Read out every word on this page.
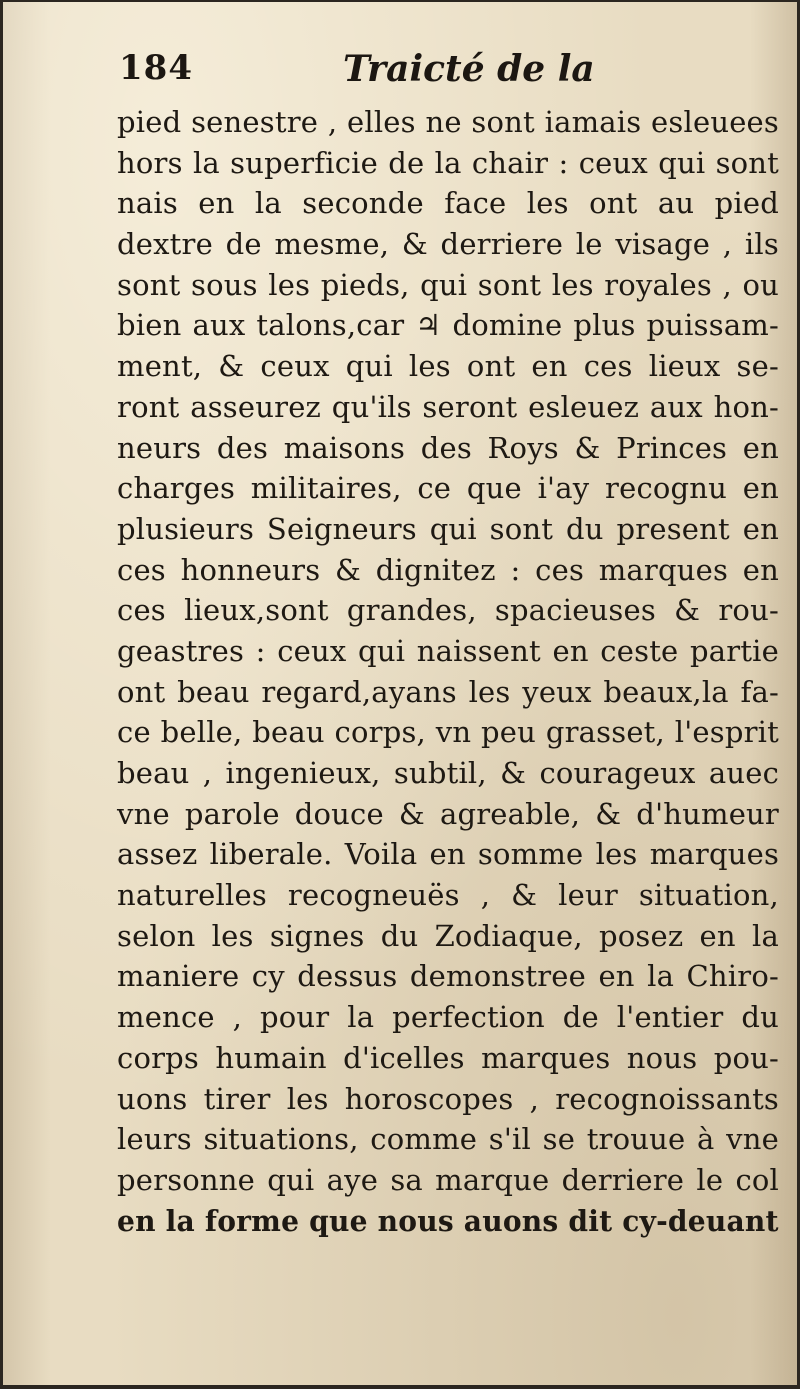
184	Traicté de la
pied senestre , elles ne sont iamais esleuees
hors la superficie de la chair : ceux qui sont
nais en la seconde face les ont au pied
dextre de mesme, & derriere le visage , ils
sont sous les pieds, qui sont les royales , ou
bien aux talons,car ♃ domine plus puissam-
ment, & ceux qui les ont en ces lieux se-
ront asseurez qu'ils seront esleuez aux hon-
neurs des maisons des Roys & Princes en
charges militaires, ce que i'ay recognu en
plusieurs Seigneurs qui sont du present en
ces honneurs & dignitez : ces marques en
ces lieux,sont grandes, spacieuses & rou-
geastres : ceux qui naissent en ceste partie
ont beau regard,ayans les yeux beaux,la fa-
ce belle, beau corps, vn peu grasset, l'esprit
beau , ingenieux, subtil, & courageux auec
vne parole douce & agreable, & d'humeur
assez liberale. Voila en somme les marques
naturelles recogneuës , & leur situation,
selon les signes du Zodiaque, posez en la
maniere cy dessus demonstree en la Chiro-
mence , pour la perfection de l'entier du
corps humain d'icelles marques nous pou-
uons tirer les horoscopes , recognoissants
leurs situations, comme s'il se trouue à vne
personne qui aye sa marque derriere le col
en la forme que nous auons dit cy-deuant
